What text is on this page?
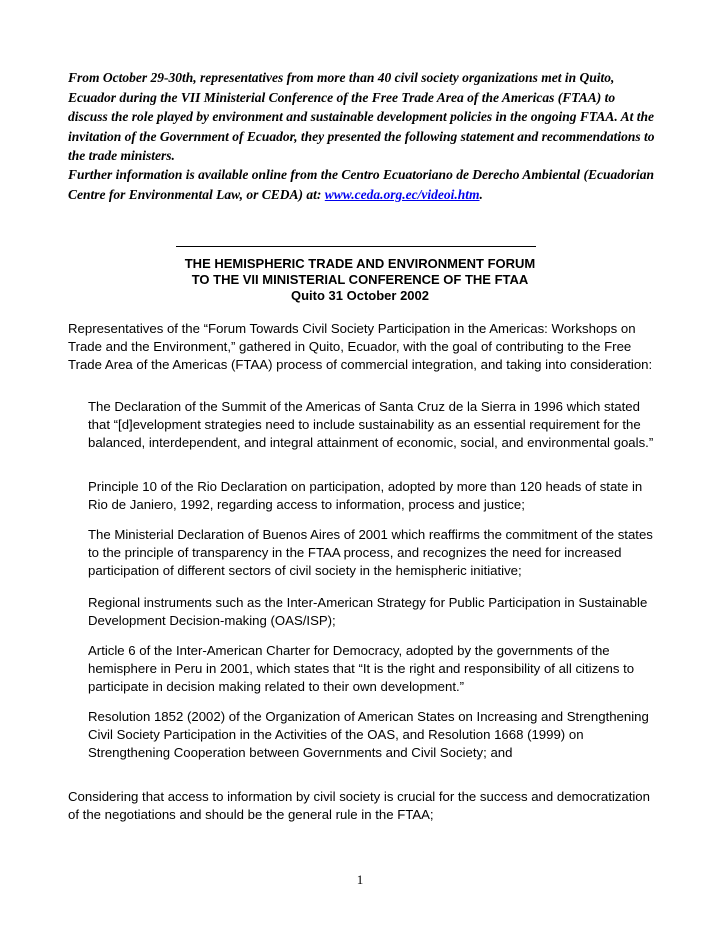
From October 29-30th, representatives from more than 40 civil society organizations met in Quito, Ecuador during the VII Ministerial Conference of the Free Trade Area of the Americas (FTAA) to discuss the role played by environment and sustainable development policies in the ongoing FTAA. At the invitation of the Government of Ecuador, they presented the following statement and recommendations to the trade ministers.

Further information is available online from the Centro Ecuatoriano de Derecho Ambiental (Ecuadorian Centre for Environmental Law, or CEDA) at: www.ceda.org.ec/videoi.htm.

THE HEMISPHERIC TRADE AND ENVIRONMENT FORUM

TO THE VII MINISTERIAL CONFERENCE OF THE FTAA

Quito 31 October 2002

Representatives of the “Forum Towards Civil Society Participation in the Americas: Workshops on Trade and the Environment,” gathered in Quito, Ecuador, with the goal of contributing to the Free Trade Area of the Americas (FTAA) process of commercial integration, and taking into consideration:

The Declaration of the Summit of the Americas of Santa Cruz de la Sierra in 1996 which stated that “[d]evelopment strategies need to include sustainability as an essential requirement for the balanced, interdependent, and integral attainment of economic, social, and environmental goals.”

Principle 10 of the Rio Declaration on participation, adopted by more than 120 heads of state in Rio de Janiero, 1992, regarding access to information, process and justice;

The Ministerial Declaration of Buenos Aires of 2001 which reaffirms the commitment of the states to the principle of transparency in the FTAA process, and recognizes the need for increased participation of different sectors of civil society in the hemispheric initiative;

Regional instruments such as the Inter-American Strategy for Public Participation in Sustainable Development Decision-making (OAS/ISP);

Article 6 of the Inter-American Charter for Democracy, adopted by the governments of the hemisphere in Peru in 2001, which states that “It is the right and responsibility of all citizens to participate in decision making related to their own development.”

Resolution 1852 (2002) of the Organization of American States on Increasing and Strengthening Civil Society Participation in the Activities of the OAS, and Resolution 1668 (1999) on Strengthening Cooperation between Governments and Civil Society; and

Considering that access to information by civil society is crucial for the success and democratization of the negotiations and should be the general rule in the FTAA;

1
